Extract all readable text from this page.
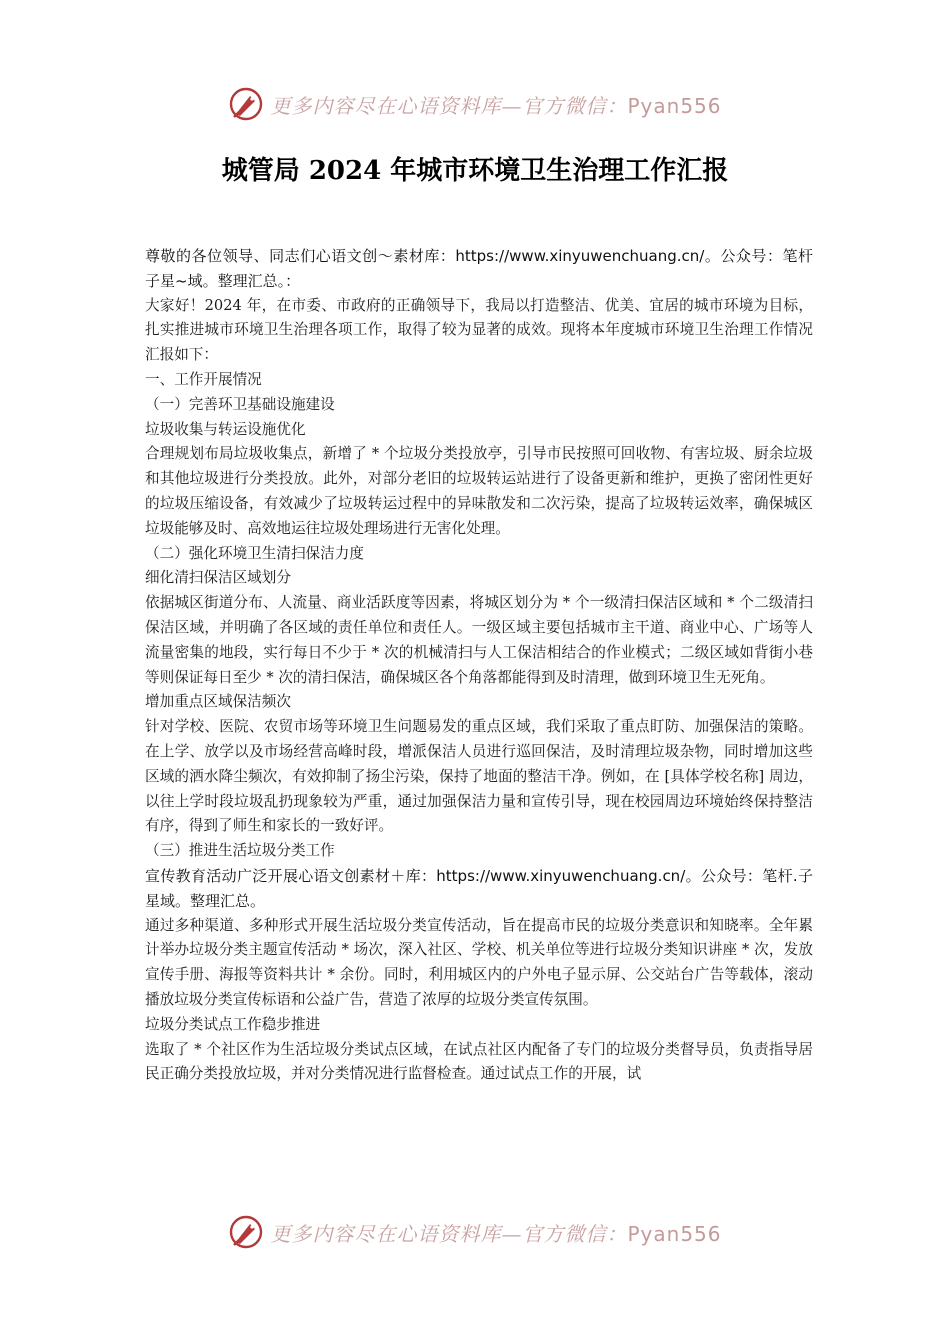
更多内容尽在心语资料库—官方微信：Pyan556
城管局 2024 年城市环境卫生治理工作汇报

尊敬的各位领导、同志们心语文创～素材库：https://www.xinyuwenchuang.cn/。公众号：笔杆子星~域。整理汇总。：

大家好！2024 年，在市委、市政府的正确领导下，我局以打造整洁、优美、宜居的城市环境为目标，扎实推进城市环境卫生治理各项工作，取得了较为显著的成效。现将本年度城市环境卫生治理工作情况汇报如下：

一、工作开展情况

（一）完善环卫基础设施建设

垃圾收集与转运设施优化

合理规划布局垃圾收集点，新增了 * 个垃圾分类投放亭，引导市民按照可回收物、有害垃圾、厨余垃圾和其他垃圾进行分类投放。此外，对部分老旧的垃圾转运站进行了设备更新和维护，更换了密闭性更好的垃圾压缩设备，有效减少了垃圾转运过程中的异味散发和二次污染，提高了垃圾转运效率，确保城区垃圾能够及时、高效地运往垃圾处理场进行无害化处理。

（二）强化环境卫生清扫保洁力度

细化清扫保洁区域划分

依据城区街道分布、人流量、商业活跃度等因素，将城区划分为 * 个一级清扫保洁区域和 * 个二级清扫保洁区域，并明确了各区域的责任单位和责任人。一级区域主要包括城市主干道、商业中心、广场等人流量密集的地段，实行每日不少于 * 次的机械清扫与人工保洁相结合的作业模式；二级区域如背街小巷等则保证每日至少 * 次的清扫保洁，确保城区各个角落都能得到及时清理，做到环境卫生无死角。

增加重点区域保洁频次

针对学校、医院、农贸市场等环境卫生问题易发的重点区域，我们采取了重点盯防、加强保洁的策略。在上学、放学以及市场经营高峰时段，增派保洁人员进行巡回保洁，及时清理垃圾杂物，同时增加这些区域的洒水降尘频次，有效抑制了扬尘污染，保持了地面的整洁干净。例如，在 [具体学校名称] 周边，以往上学时段垃圾乱扔现象较为严重，通过加强保洁力量和宣传引导，现在校园周边环境始终保持整洁有序，得到了师生和家长的一致好评。

（三）推进生活垃圾分类工作

宣传教育活动广泛开展心语文创素材＋库：https://www.xinyuwenchuang.cn/。公众号：笔杆.子星域。整理汇总。

通过多种渠道、多种形式开展生活垃圾分类宣传活动，旨在提高市民的垃圾分类意识和知晓率。全年累计举办垃圾分类主题宣传活动 * 场次，深入社区、学校、机关单位等进行垃圾分类知识讲座 * 次，发放宣传手册、海报等资料共计 * 余份。同时，利用城区内的户外电子显示屏、公交站台广告等载体，滚动播放垃圾分类宣传标语和公益广告，营造了浓厚的垃圾分类宣传氛围。

垃圾分类试点工作稳步推进

选取了 * 个社区作为生活垃圾分类试点区域，在试点社区内配备了专门的垃圾分类督导员，负责指导居民正确分类投放垃圾，并对分类情况进行监督检查。通过试点工作的开展，试

更多内容尽在心语资料库—官方微信：Pyan556
